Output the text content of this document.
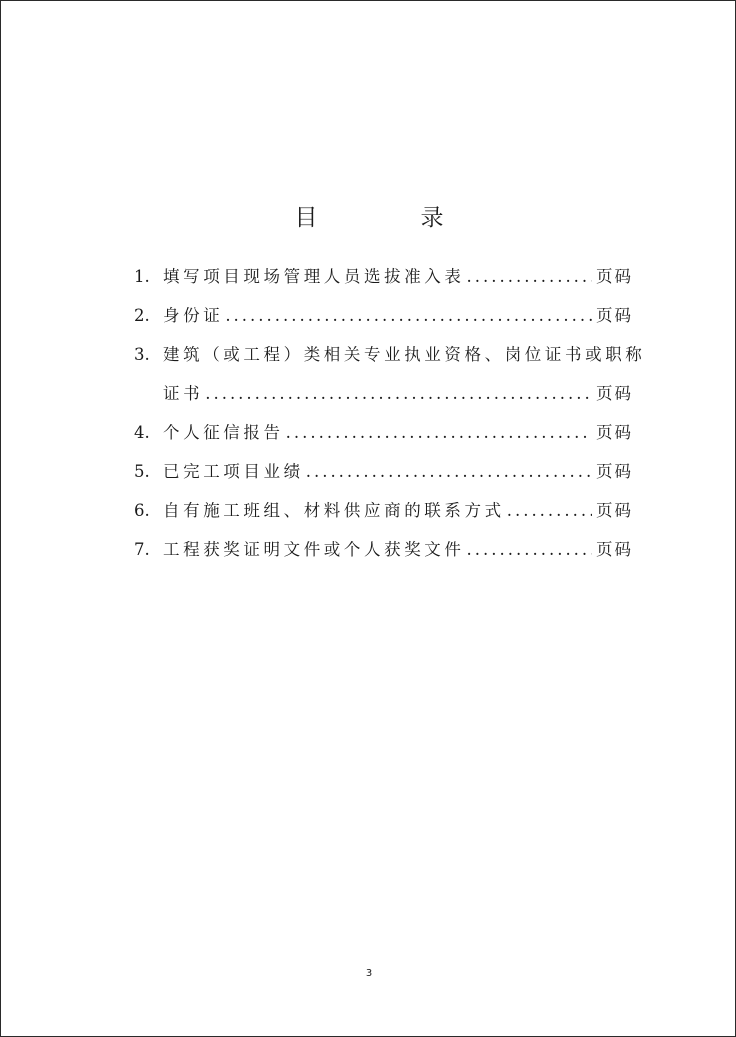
目　录
1. 填写项目现场管理人员选拔准入表 .....	页码
2. 身份证 .....	页码
3. 建筑（或工程）类相关专业执业资格、岗位证书或职称
证书 .....	页码
4. 个人征信报告 .....	页码
5. 已完工项目业绩 .....	页码
6. 自有施工班组、材料供应商的联系方式 .....	页码
7. 工程获奖证明文件或个人获奖文件 .....	页码
3
